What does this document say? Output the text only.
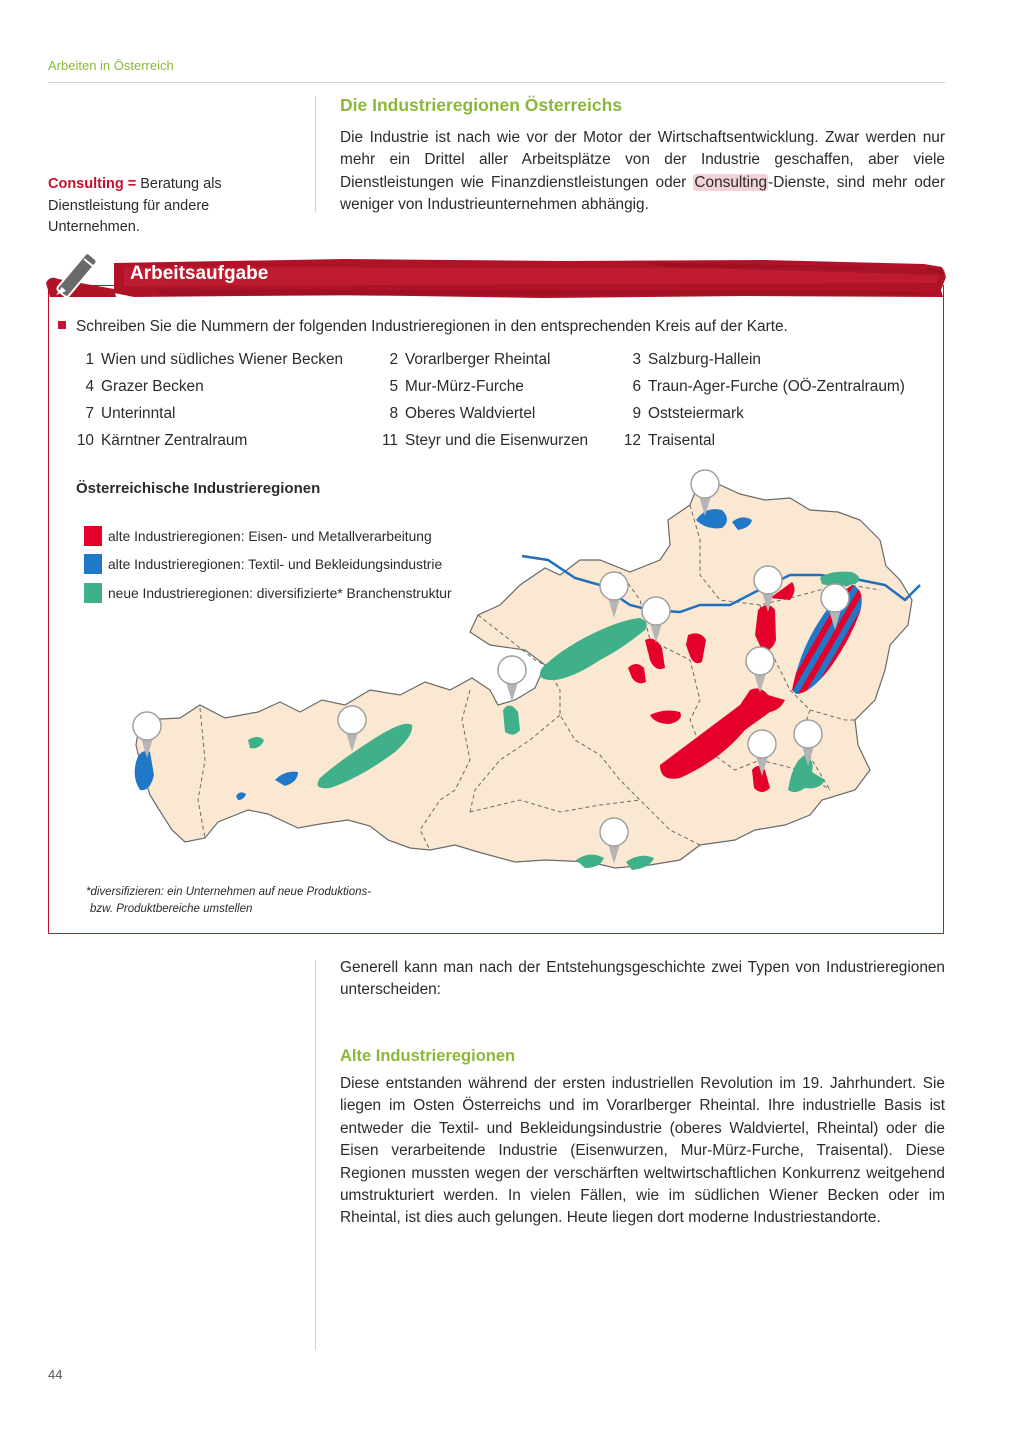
Arbeiten in Österreich
Die Industrieregionen Österreichs
Die Industrie ist nach wie vor der Motor der Wirtschaftsentwicklung. Zwar werden nur mehr ein Drittel aller Arbeitsplätze von der Industrie geschaffen, aber viele Dienstleistungen wie Finanzdienstleistungen oder Consulting-Dienste, sind mehr oder weniger von Industrieunternehmen abhängig.
Consulting = Beratung als Dienstleistung für andere Unternehmen.
Arbeitsaufgabe
Schreiben Sie die Nummern der folgenden Industrieregionen in den entsprechenden Kreis auf der Karte.
1 Wien und südliches Wiener Becken	2 Vorarlberger Rheintal	3 Salzburg-Hallein
4 Grazer Becken	5 Mur-Mürz-Furche	6 Traun-Ager-Furche (OÖ-Zentralraum)
7 Unterinntal	8 Oberes Waldviertel	9 Oststeiermark
10 Kärntner Zentralraum	11 Steyr und die Eisenwurzen	12 Traisental
Österreichische Industrieregionen
alte Industrieregionen: Eisen- und Metallverarbeitung
alte Industrieregionen: Textil- und Bekleidungsindustrie
neue Industrieregionen: diversifizierte* Branchenstruktur
*diversifizieren: ein Unternehmen auf neue Produktions-
bzw. Produktbereiche umstellen
Generell kann man nach der Entstehungsgeschichte zwei Typen von Industrieregionen unterscheiden:
Alte Industrieregionen
Diese entstanden während der ersten industriellen Revolution im 19. Jahrhundert. Sie liegen im Osten Österreichs und im Vorarlberger Rheintal. Ihre industrielle Basis ist entweder die Textil- und Bekleidungsindustrie (oberes Waldviertel, Rheintal) oder die Eisen verarbeitende Industrie (Eisenwurzen, Mur-Mürz-Furche, Traisental). Diese Regionen mussten wegen der verschärften weltwirtschaftlichen Konkurrenz weitgehend umstrukturiert werden. In vielen Fällen, wie im südlichen Wiener Becken oder im Rheintal, ist dies auch gelungen. Heute liegen dort moderne Industriestandorte.
44
